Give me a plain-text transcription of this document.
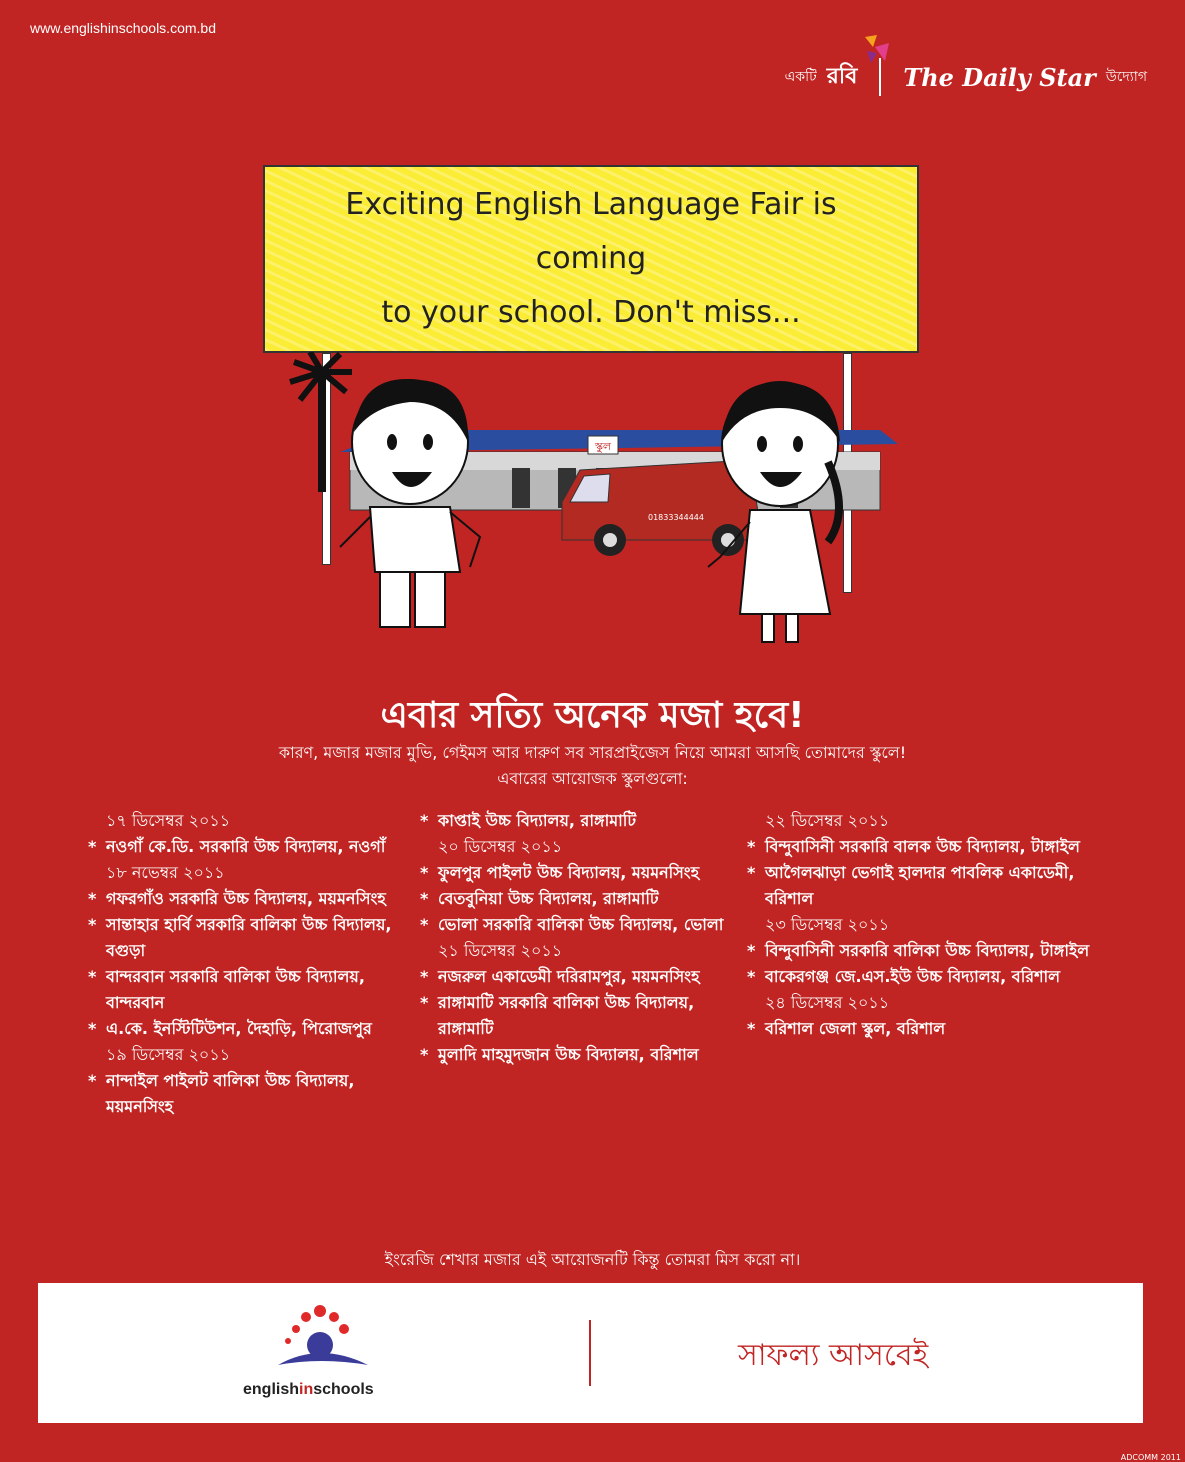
www.englishinschools.com.bd
একটি রবি The Daily Star উদ্যোগ
Exciting English Language Fair is coming
to your school. Don't miss...
স্কুল
01833344444
এবার সত্যি অনেক মজা হবে!
কারণ, মজার মজার মুভি, গেইমস আর দারুণ সব সারপ্রাইজেস নিয়ে আমরা আসছি তোমাদের স্কুলে!
এবারের আয়োজক স্কুলগুলো:
১৭ ডিসেম্বর ২০১১
* নওগাঁ কে.ডি. সরকারি উচ্চ বিদ্যালয়, নওগাঁ
১৮ নভেম্বর ২০১১
* গফরগাঁও সরকারি উচ্চ বিদ্যালয়, ময়মনসিংহ
* সান্তাহার হার্বি সরকারি বালিকা উচ্চ বিদ্যালয়, বগুড়া
* বান্দরবান সরকারি বালিকা উচ্চ বিদ্যালয়, বান্দরবান
* এ.কে. ইনস্টিটিউশন, দৈহাড়ি, পিরোজপুর
১৯ ডিসেম্বর ২০১১
* নান্দাইল পাইলট বালিকা উচ্চ বিদ্যালয়, ময়মনসিংহ
* কাপ্তাই উচ্চ বিদ্যালয়, রাঙ্গামাটি
২০ ডিসেম্বর ২০১১
* ফুলপুর পাইলট উচ্চ বিদ্যালয়, ময়মনসিংহ
* বেতবুনিয়া উচ্চ বিদ্যালয়, রাঙ্গামাটি
* ভোলা সরকারি বালিকা উচ্চ বিদ্যালয়, ভোলা
২১ ডিসেম্বর ২০১১
* নজরুল একাডেমী দরিরামপুর, ময়মনসিংহ
* রাঙ্গামাটি সরকারি বালিকা উচ্চ বিদ্যালয়, রাঙ্গামাটি
* মুলাদি মাহমুদজান উচ্চ বিদ্যালয়, বরিশাল
২২ ডিসেম্বর ২০১১
* বিন্দুবাসিনী সরকারি বালক উচ্চ বিদ্যালয়, টাঙ্গাইল
* আগৈলঝাড়া ভেগাই হালদার পাবলিক একাডেমী, বরিশাল
২৩ ডিসেম্বর ২০১১
* বিন্দুবাসিনী সরকারি বালিকা উচ্চ বিদ্যালয়, টাঙ্গাইল
* বাকেরগঞ্জ জে.এস.ইউ উচ্চ বিদ্যালয়, বরিশাল
২৪ ডিসেম্বর ২০১১
* বরিশাল জেলা স্কুল, বরিশাল
ইংরেজি শেখার মজার এই আয়োজনটি কিন্তু তোমরা মিস করো না।
englishinschools
সাফল্য আসবেই
ADCOMM 2011
